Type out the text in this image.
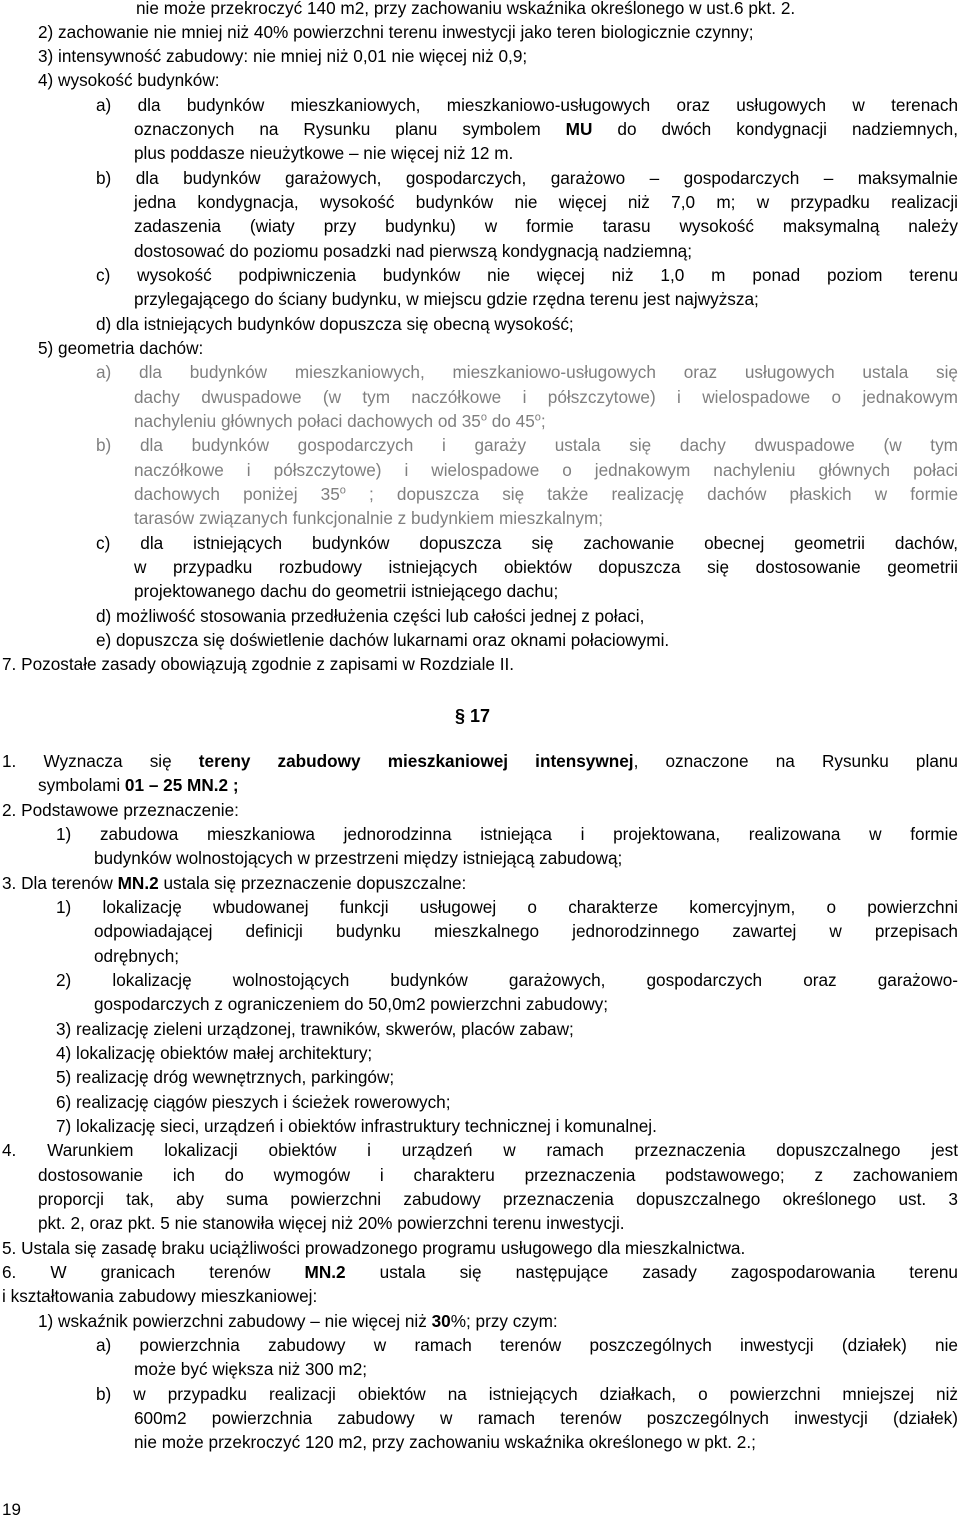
nie może przekroczyć 140 m2, przy zachowaniu wskaźnika określonego w ust.6 pkt. 2.
2) zachowanie nie mniej niż 40% powierzchni terenu inwestycji jako teren biologicznie czynny;
3) intensywność zabudowy: nie mniej niż 0,01 nie więcej niż 0,9;
4) wysokość budynków:
a) dla budynków mieszkaniowych, mieszkaniowo-usługowych oraz usługowych w terenach
oznaczonych na Rysunku planu symbolem MU do dwóch kondygnacji nadziemnych,
plus poddasze nieużytkowe – nie więcej niż 12 m.
b) dla budynków garażowych, gospodarczych, garażowo – gospodarczych – maksymalnie
jedna kondygnacja, wysokość budynków nie więcej niż 7,0 m; w przypadku realizacji
zadaszenia (wiaty przy budynku) w formie tarasu wysokość maksymalną należy
dostosować do poziomu posadzki nad pierwszą kondygnacją nadziemną;
c) wysokość podpiwniczenia budynków nie więcej niż 1,0 m ponad poziom terenu
przylegającego do ściany budynku, w miejscu gdzie rzędna terenu jest najwyższa;
d) dla istniejących budynków dopuszcza się obecną wysokość;
5) geometria dachów:
a) dla budynków mieszkaniowych, mieszkaniowo-usługowych oraz usługowych ustala się
dachy dwuspadowe (w tym naczółkowe i półszczytowe) i wielospadowe o jednakowym
nachyleniu głównych połaci dachowych od 35$^o$ do 45$^o$;
b) dla budynków gospodarczych i garaży ustala się dachy dwuspadowe (w tym
naczółkowe i półszczytowe) i wielospadowe o jednakowym nachyleniu głównych połaci
dachowych poniżej 35$^o$ ; dopuszcza się także realizację dachów płaskich w formie
tarasów związanych funkcjonalnie z budynkiem mieszkalnym;
c) dla istniejących budynków dopuszcza się zachowanie obecnej geometrii dachów,
w przypadku rozbudowy istniejących obiektów dopuszcza się dostosowanie geometrii
projektowanego dachu do geometrii istniejącego dachu;
d) możliwość stosowania przedłużenia części lub całości jednej z połaci,
e) dopuszcza się doświetlenie dachów lukarnami oraz oknami połaciowymi.
7. Pozostałe zasady obowiązują zgodnie z zapisami w Rozdziale II.
1. Wyznacza się tereny zabudowy mieszkaniowej intensywnej, oznaczone na Rysunku planu
symbolami 01 – 25 MN.2 ;
2. Podstawowe przeznaczenie:
1) zabudowa mieszkaniowa jednorodzinna istniejąca i projektowana, realizowana w formie
budynków wolnostojących w przestrzeni między istniejącą zabudową;
3. Dla terenów MN.2 ustala się przeznaczenie dopuszczalne:
1) lokalizację wbudowanej funkcji usługowej o charakterze komercyjnym, o powierzchni
odpowiadającej definicji budynku mieszkalnego jednorodzinnego zawartej w przepisach
odrębnych;
2) lokalizację wolnostojących budynków garażowych, gospodarczych oraz garażowo-
gospodarczych z ograniczeniem do 50,0m2 powierzchni zabudowy;
3) realizację zieleni urządzonej, trawników, skwerów, placów zabaw;
4) lokalizację obiektów małej architektury;
5) realizację dróg wewnętrznych, parkingów;
6) realizację ciągów pieszych i ścieżek rowerowych;
7) lokalizację sieci, urządzeń i obiektów infrastruktury technicznej i komunalnej.
4. Warunkiem lokalizacji obiektów i urządzeń w ramach przeznaczenia dopuszczalnego jest
dostosowanie ich do wymogów i charakteru przeznaczenia podstawowego; z zachowaniem
proporcji tak, aby suma powierzchni zabudowy przeznaczenia dopuszczalnego określonego ust. 3
pkt. 2, oraz pkt. 5 nie stanowiła więcej niż 20% powierzchni terenu inwestycji.
5. Ustala się zasadę braku uciążliwości prowadzonego programu usługowego dla mieszkalnictwa.
6. W granicach terenów MN.2 ustala się następujące zasady zagospodarowania terenu
i kształtowania zabudowy mieszkaniowej:
1) wskaźnik powierzchni zabudowy – nie więcej niż 30%; przy czym:
a) powierzchnia zabudowy w ramach terenów poszczególnych inwestycji (działek) nie
może być większa niż 300 m2;
b) w przypadku realizacji obiektów na istniejących działkach, o powierzchni mniejszej niż
600m2 powierzchnia zabudowy w ramach terenów poszczególnych inwestycji (działek)
nie może przekroczyć 120 m2, przy zachowaniu wskaźnika określonego w pkt. 2.;
§ 17
19
